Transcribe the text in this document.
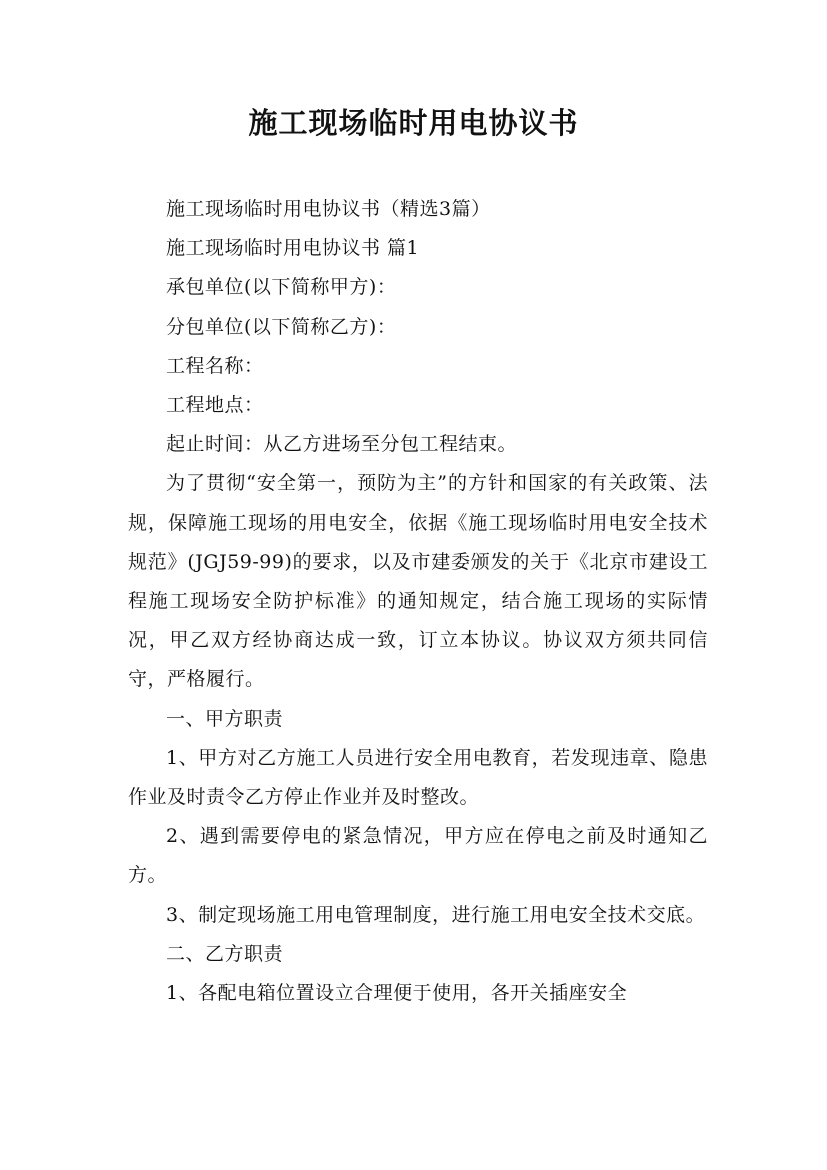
施工现场临时用电协议书

施工现场临时用电协议书（精选3篇）

施工现场临时用电协议书 篇1

承包单位(以下简称甲方)：

分包单位(以下简称乙方)：

工程名称：

工程地点：

起止时间：从乙方进场至分包工程结束。

为了贯彻“安全第一，预防为主”的方针和国家的有关政策、法规，保障施工现场的用电安全，依据《施工现场临时用电安全技术规范》(JGJ59-99)的要求，以及市建委颁发的关于《北京市建设工程施工现场安全防护标准》的通知规定，结合施工现场的实际情况，甲乙双方经协商达成一致，订立本协议。协议双方须共同信守，严格履行。

一、甲方职责

1、甲方对乙方施工人员进行安全用电教育，若发现违章、隐患作业及时责令乙方停止作业并及时整改。

2、遇到需要停电的紧急情况，甲方应在停电之前及时通知乙方。

3、制定现场施工用电管理制度，进行施工用电安全技术交底。

二、乙方职责

1、各配电箱位置设立合理便于使用，各开关插座安全
